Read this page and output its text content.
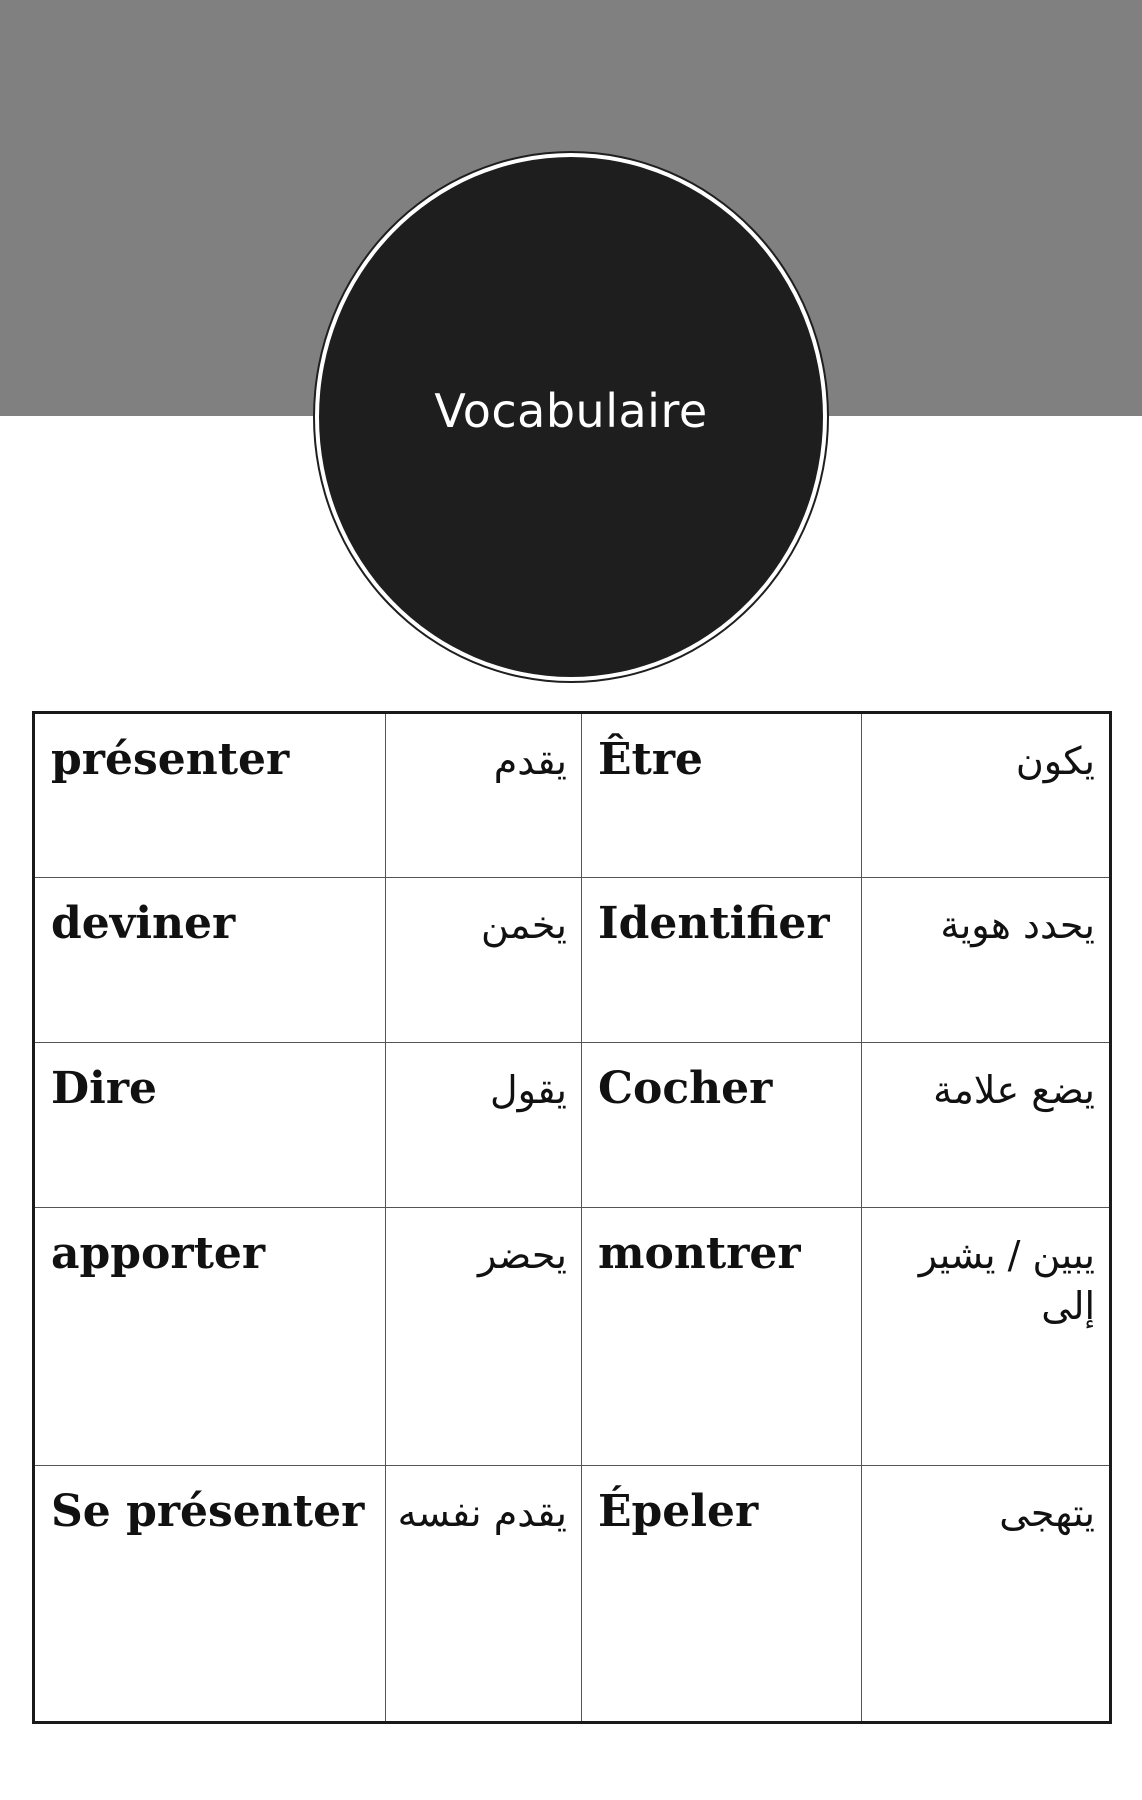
Vocabulaire
présenter	يقدم	Être	يكون
deviner	يخمن	Identifier	يحدد هوية
Dire	يقول	Cocher	يضع علامة
apporter	يحضر	montrer	يبين / يشير إلى
Se présenter	يقدم نفسه	Épeler	يتهجى
